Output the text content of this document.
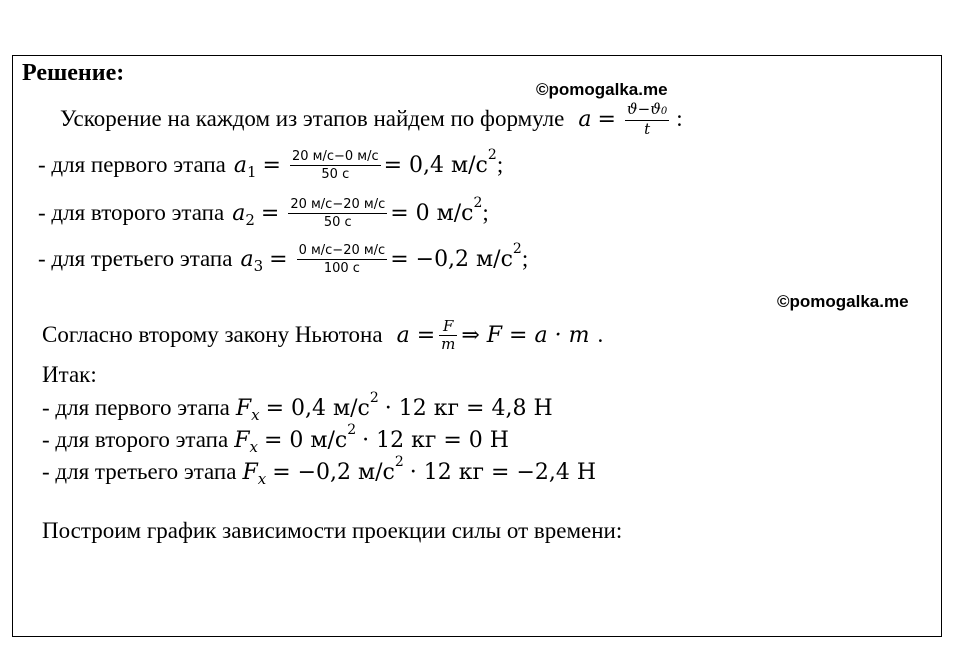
Решение:
©pomogalka.me
©pomogalka.me
Ускорение на каждом из этапов найдем по формуле $a = \frac{ϑ-ϑ0}{t}$ :
- для первого этапа a $1 = \frac{20 м/с-0 м/с}{50 с} = 0,4$ м/с 2 ;
- для второго этапа a $2 = \frac{20 м/с-20 м/с}{50 с} = 0$ м/с 2 ;
- для третьего этапа a $3 = \frac{0 м/с-20 м/с}{100 с} = -0,2$ м/с 2 ;
Согласно второму закону Ньютона $a = \frac{F}{m}$ ⇒ F = a · m .
Итак:
- для первого этапа F x = 0,4 м/с 2 · 12 кг = 4,8 Н
- для второго этапа F x = 0 м/с 2 · 12 кг = 0 Н
- для третьего этапа F x = −0,2 м/с 2 · 12 кг = −2,4 Н
Построим график зависимости проекции силы от времени:
